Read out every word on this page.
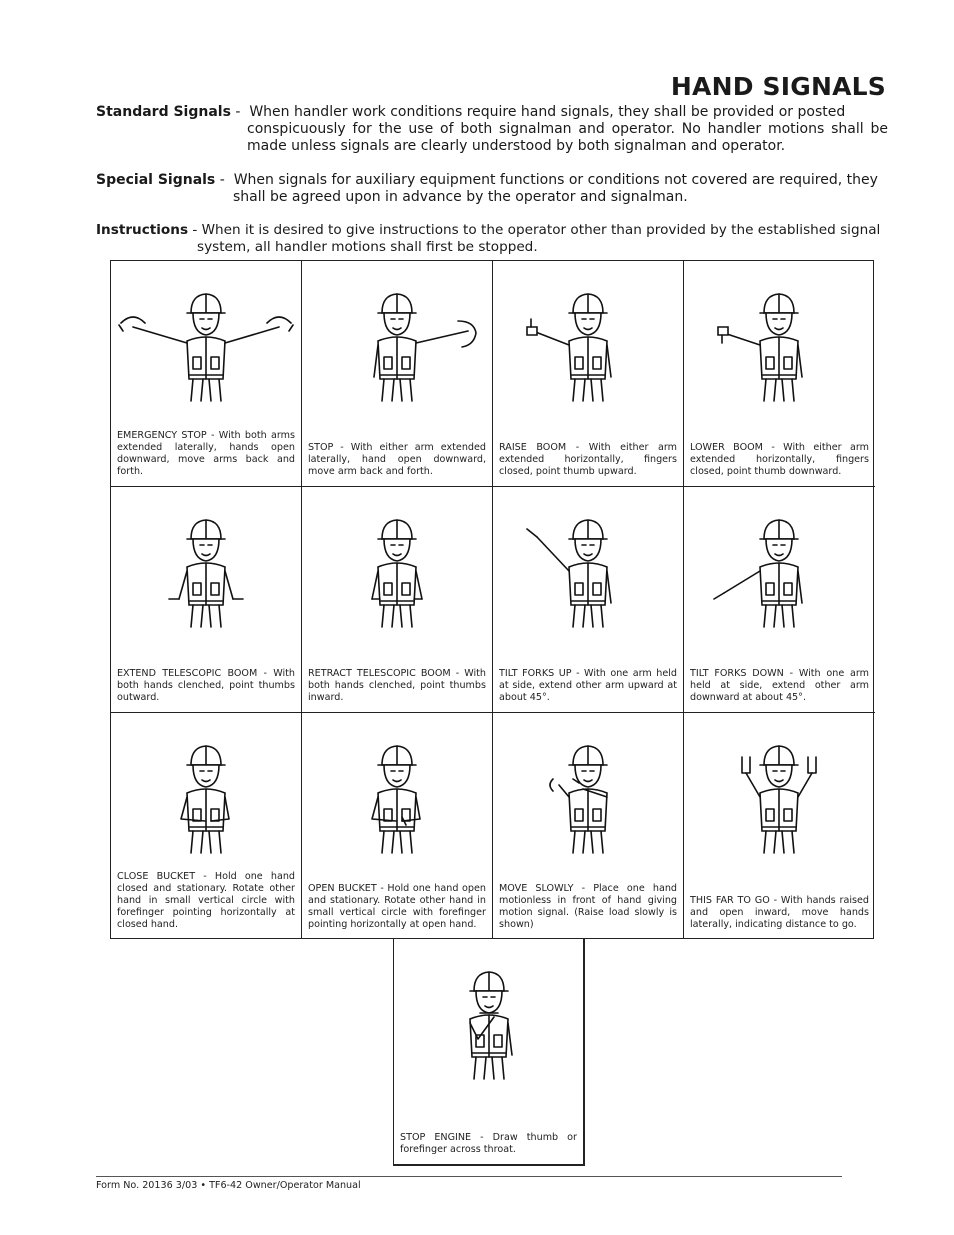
HAND SIGNALS
Standard Signals - When handler work conditions require hand signals, they shall be provided or posted
conspicuously for the use of both signalman and operator. No handler motions shall be made unless signals are clearly understood by both signalman and operator.
Special Signals - When signals for auxiliary equipment functions or conditions not covered are required, they
shall be agreed upon in advance by the operator and signalman.
Instructions - When it is desired to give instructions to the operator other than provided by the established signal
system, all handler motions shall first be stopped.
EMERGENCY STOP - With both arms extended laterally, hands open downward, move arms back and forth.
STOP - With either arm extended laterally, hand open downward, move arm back and forth.
RAISE BOOM - With either arm extended horizontally, fingers closed, point thumb upward.
LOWER BOOM - With either arm extended horizontally, fingers closed, point thumb downward.
EXTEND TELESCOPIC BOOM - With both hands clenched, point thumbs outward.
RETRACT TELESCOPIC BOOM - With both hands clenched, point thumbs inward.
TILT FORKS UP - With one arm held at side, extend other arm upward at about 45°.
TILT FORKS DOWN - With one arm held at side, extend other arm downward at about 45°.
CLOSE BUCKET - Hold one hand closed and stationary. Rotate other hand in small vertical circle with forefinger pointing horizontally at closed hand.
OPEN BUCKET - Hold one hand open and stationary. Rotate other hand in small vertical circle with forefinger pointing horizontally at open hand.
MOVE SLOWLY - Place one hand motionless in front of hand giving motion signal. (Raise load slowly is shown)
THIS FAR TO GO - With hands raised and open inward, move hands laterally, indicating distance to go.
STOP ENGINE - Draw thumb or forefinger across throat.
Form No. 20136 3/03 • TF6-42 Owner/Operator Manual
